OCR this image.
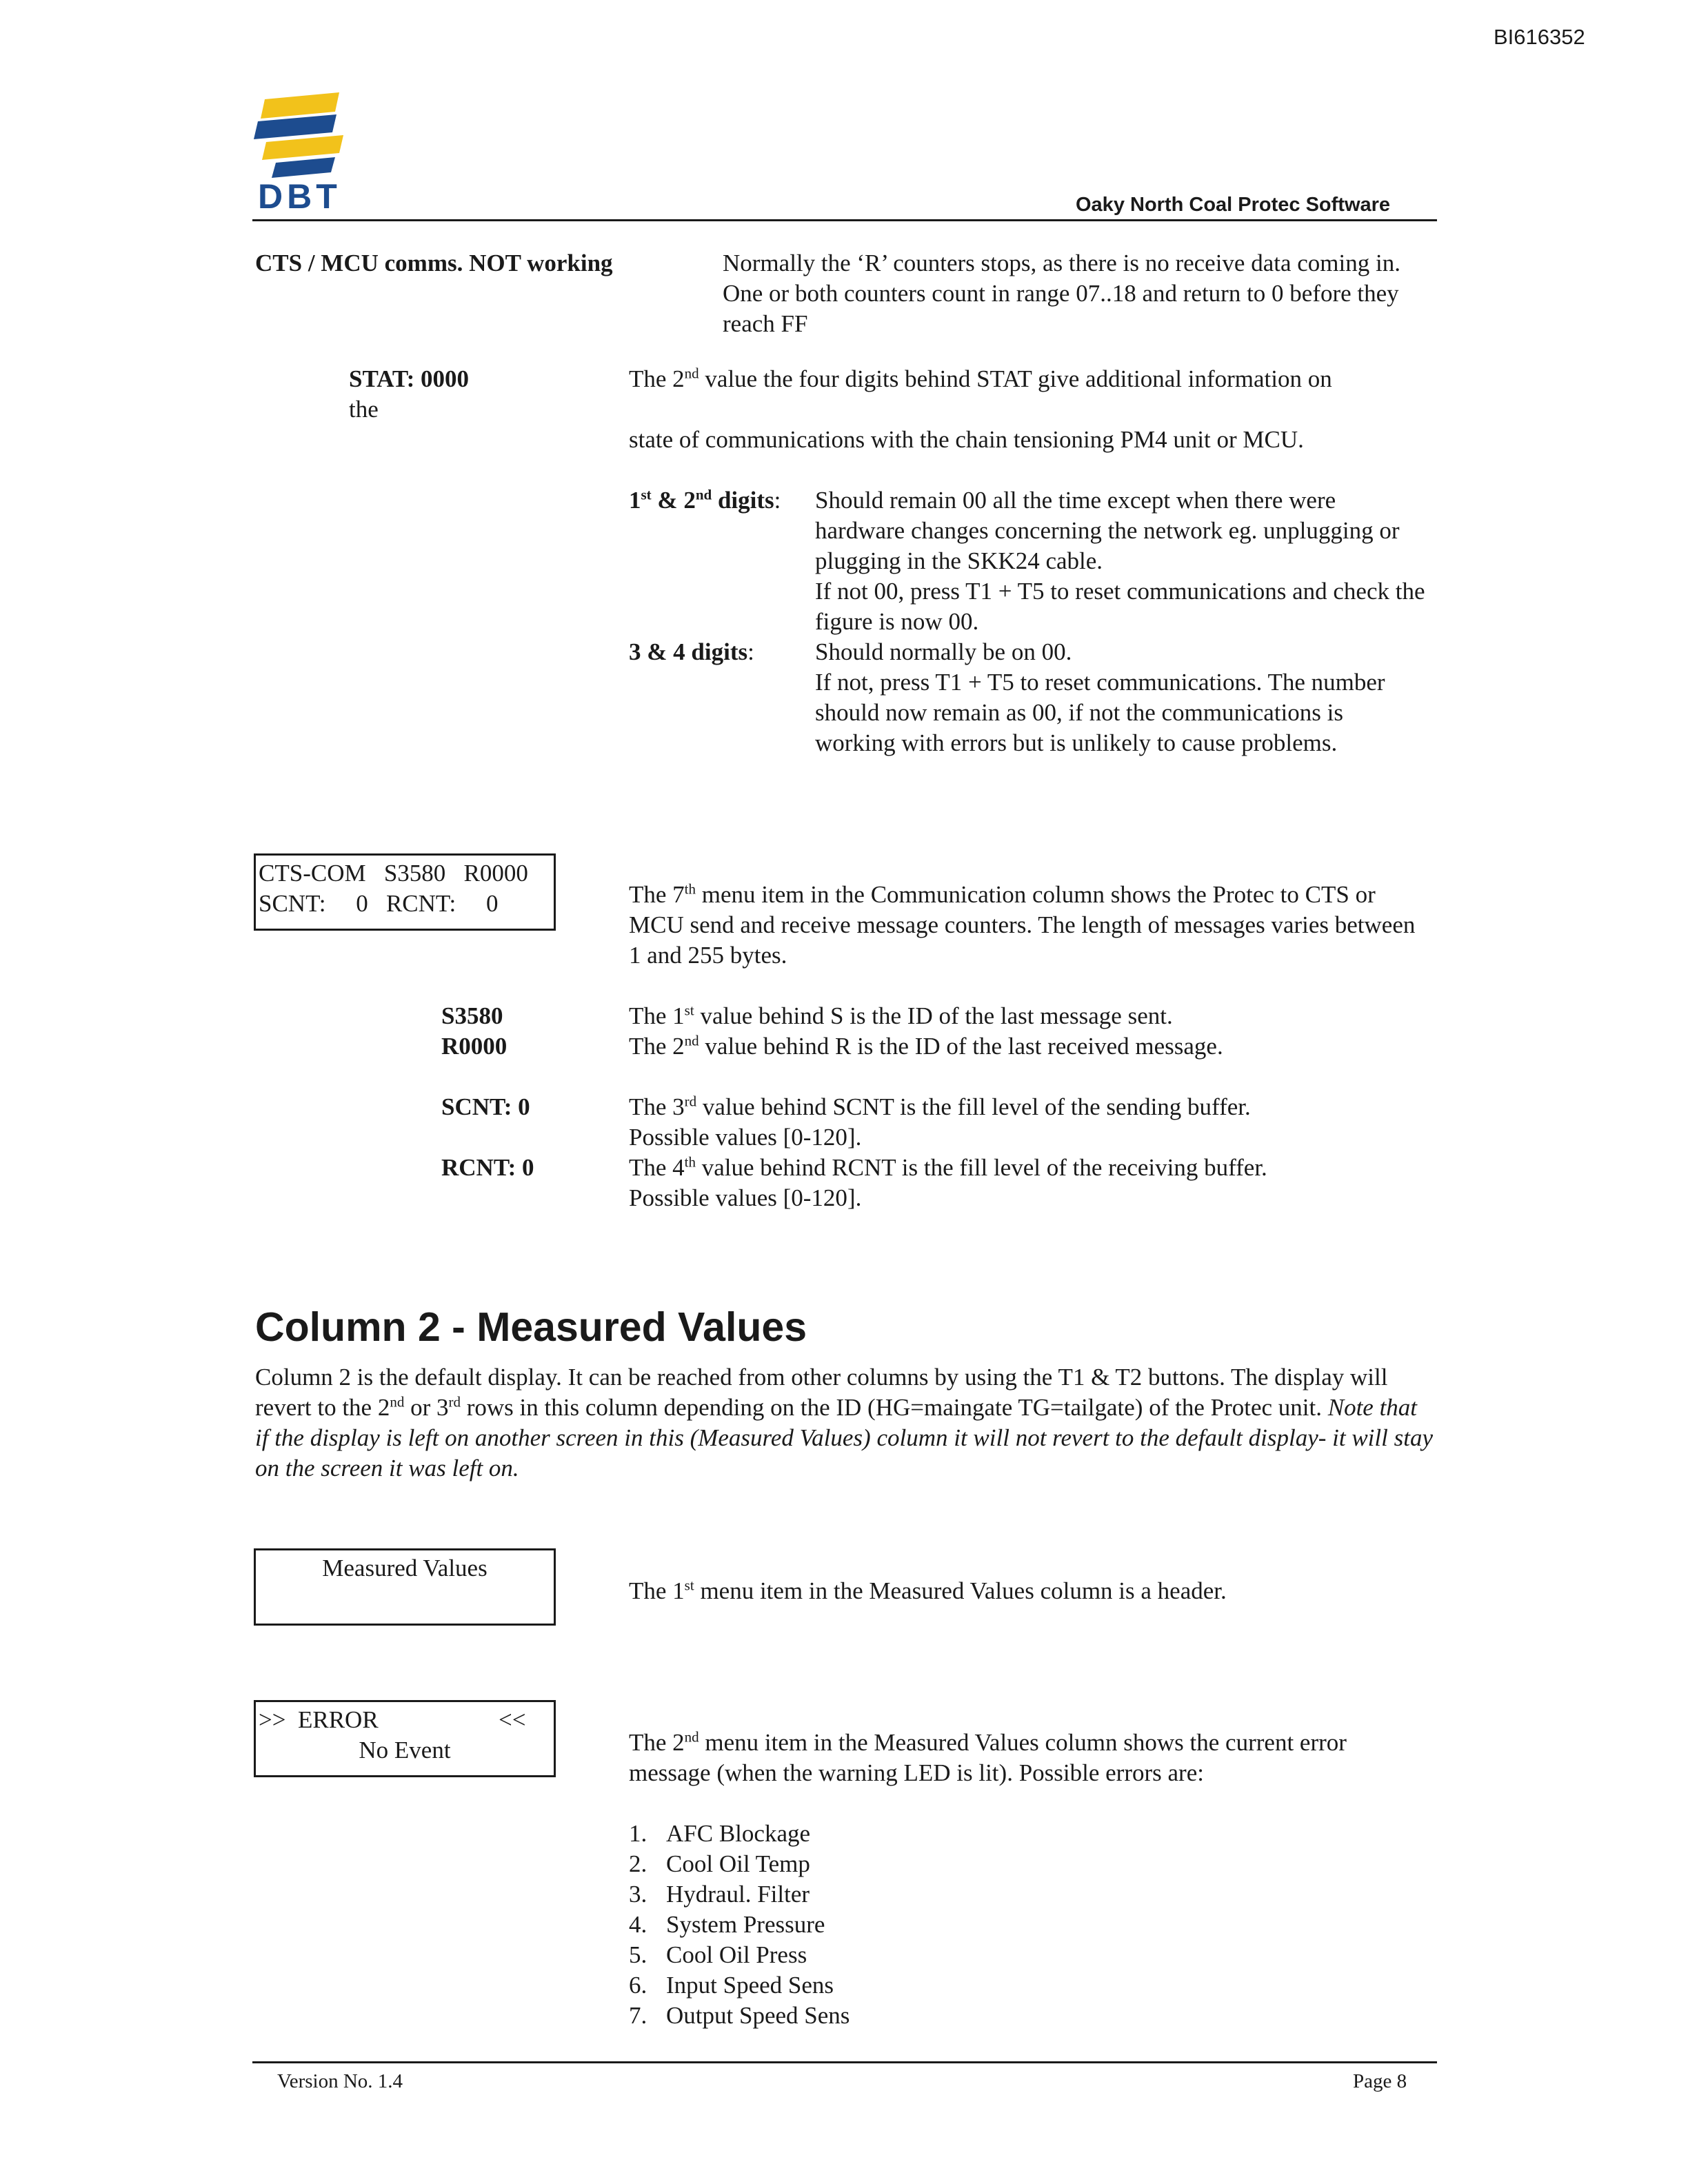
BI616352
DBT	Oaky North Coal Protec Software
CTS / MCU comms. NOT working	Normally the ‘R’ counters stops, as there is no receive data coming in. One or both counters count in range 07..18 and return to 0 before they reach FF
STAT: 0000
the
The 2nd value the four digits behind STAT give additional information on
state of communications with the chain tensioning PM4 unit or MCU.
1st & 2nd digits: Should remain 00 all the time except when there were hardware changes concerning the network eg. unplugging or plugging in the SKK24 cable.
If not 00, press T1 + T5 to reset communications and check the figure is now 00.
3 & 4 digits:	Should normally be on 00.
If not, press T1 + T5 to reset communications. The number should now remain as 00, if not the communications is working with errors but is unlikely to cause problems.
CTS-COM   S3580   R0000
SCNT:     0   RCNT:     0	The 7th menu item in the Communication column shows the Protec to CTS or MCU send and receive message counters. The length of messages varies between 1 and 255 bytes.
S3580	The 1st value behind S is the ID of the last message sent.
R0000	The 2nd value behind R is the ID of the last received message.
SCNT: 0	The 3rd value behind SCNT is the fill level of the sending buffer.
Possible values [0-120].
RCNT: 0	The 4th value behind RCNT is the fill level of the receiving buffer.
Possible values [0-120].
Column 2 - Measured Values
Column 2 is the default display. It can be reached from other columns by using the T1 & T2 buttons. The display will revert to the 2nd or 3rd rows in this column depending on the ID (HG=maingate TG=tailgate) of the Protec unit. Note that if the display is left on another screen in this (Measured Values) column it will not revert to the default display- it will stay on the screen it was left on.
Measured Values
The 1st menu item in the Measured Values column is a header.
>>  ERROR	<<
No Event	The 2nd menu item in the Measured Values column shows the current error message (when the warning LED is lit). Possible errors are:
1. AFC Blockage
2. Cool Oil Temp
3. Hydraul. Filter
4. System Pressure
5. Cool Oil Press
6. Input Speed Sens
7. Output Speed Sens
Version No. 1.4	Page 8
